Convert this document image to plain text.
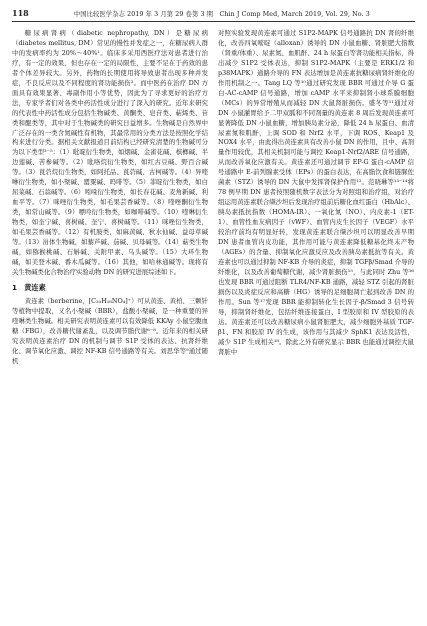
118	中国比较医学杂志 2019 年 3 月第 29 卷第 3 期　Chin J Comp Med, March 2019, Vol. 29, No. 3

糖尿病肾病（diabetic nephropathy, DN）是糖尿病（diabetes mellitus, DM）常见的慢性并发症之一，在糖尿病人群中的发病率约为 20%～40%¹。临床多采用西医疗法对患者进行治疗，有一定的效果，但也存在一定的局限性，主要不足在于药效的患者个体差异较大。另外，药物的长期使用将导致患者出现多种并发症，不良反应以及不同程度的肾功能损伤²。而中医药在治疗 DN 方面具有效果显著、毒副作用小等优势，因此为了寻求更好的治疗方法，专家学者们对各类中药活性成分进行了深入的研究。近年来研究的代表性中药活性成分包括生物碱类、黄酮类、皂苷类、萜烯类、苷类和醌类等，其中对于生物碱类的研究日益增多。生物碱是自然界中广泛存在的一类含氮碱性有机物，其最常用的分类方法是按照化学结构来进行分类。据相关文献报道目前结构已经研究清楚的生物碱可分为以下类型³⁻⁵：（1）吡啶衍生物类，如烟碱、金雀花碱、槟榔碱、半边莲碱、苦参碱等。（2）吡咯烷衍生物类，如红古豆碱、野百合碱等。（3）莨菪烷衍生物类，如阿托品、莨菪碱、古柯碱等。（4）异喹啉衍生物类，如小檗碱、罂粟碱、吗啡等。（5）菲啶衍生物类，如白屈菜碱、石蒜碱等。（6）吲哚衍生物类，如长春花碱、麦角新碱、利血平等。（7）咪唑衍生物类，如毛果芸香碱等。（8）喹唑酮衍生物类，如常山碱等。（9）嘌呤衍生物类，如咖啡碱等。（10）喹啉衍生物类，如奎宁碱、喜树碱、奎宁、喜树碱等。（11）咪唑衍生物类，如毛果芸香碱等。（12）有机胺类，如麻黄碱、秋水仙碱、益母草碱等。（13）甾体生物碱，如藜芦碱、茄碱、贝母碱等。（14）萜类生物碱，如猕猴桃碱、石斛碱、关附甲素、乌头碱等。（15）大环生物碱，如美登木碱、番木瓜碱等。（16）其他，如哈林通碱等。现将有关生物碱类化合物治疗实验动物 DN 的研究进展综述如下。

1　黄连素

黄连素（berberine，[C₂₀H₁₈NO₄]⁺）可从黄连、黄柏、三颗针等植物中提取，又名小檗碱（BBR），盐酸小檗碱，是一种重要的异喹啉类生物碱。相关研究表明黄连素可以有效降低 KKAy 小鼠空腹血糖（FBG），改善糖代谢紊乱，以及调节脂代谢⁶⁻⁸。近年来的相关研究表明黄连素治疗 DN 的机制与调节 S1P 受体的表达、抗肾纤维化、调节氧化应激、调控 NF-KB 信号通路等有关。刘思华等⁹通过随机

对照实验发现黄连素可通过 S1P2-MAPK 信号通路抗 DN 肾的纤维化，改善四氧嘧啶（alloxan）诱导的 DN 小鼠血糖、肾脏肥大指数（肾重/体重）、尿素氮、血肌酐、24 h 尿蛋白等肾功能相关指标，得出减少 S1P2 受体表达，抑制 S1P2-MAPK（主要是 ERK1/2 和 p38MAPK）通路介导的 FN 表达增加是黄连素抗糖尿病肾纤维化的作用机制之一。Tang LQ 等¹⁰通过研究发现 BBR 可通过介导 G 蛋白-AC-cAMP 信号通路，增加 cAMP 水平来抑制肾小球系膜细胞（MCs）的异常增殖从而减轻 DN 大鼠肾脏损伤。盛冬等¹¹通过对 DN 小鼠灌胃给予二甲双胍和不同剂量的黄连素 8 周后发现黄连素可显著降低 DN 小鼠血糖，增加胰岛素分泌，降低 24 h 尿蛋白、血清尿素氮和肌酐，上调 SOD 和 Nrf2 水平，下调 ROS、Keap1 及 NOX4 水平，由此得出黄连素具有改善小鼠 DN 的作用，且中、高剂量作用较优，其相关机制可能与调控 Keap1-Nrf2/ARE 信号通路，从而改善氧化应激有关。黄连素还可通过调节 EP-G 蛋白-cAMP 信号通路中 E-前列腺素受体（EPs）的蛋白表达，在高脂饮食和链脲佐菌素（STZ）诱导的 DN 大鼠中发挥肾保护作用¹²。范晓琳等¹³⁻¹⁴将 78 例早期 DN 患者按照随机数字表法分为对照组和治疗组，对治疗组运用黄连素联合缬沙坦后发现治疗组前后糖化血红蛋白（HbAlc）、胰岛素抵抗指数（HOMA-IR）、一氧化氮（NO）、内皮素-1（ET-1）、血管性血友病因子（vWF）、血管内皮生长因子（VEGF）水平较治疗前均有明显好转，发现黄连素联合缬沙坦可以明显改善早期 DN 患者血管内皮功能，其作用可能与黄连素降低糖基化终末产物（AGEs）的含量、抑制氧化应激反应及改善胰岛素抵抗等有关。黄连素也可以通过抑制 NF-KB 介导的炎症，抑制 TGFβ/Smad 介导的纤维化，以及改善葡萄糖代谢，减少肾脏损伤¹⁵，与此同时 Zhu 等¹⁶也发现 BBR 可通过阻断 TLR4/NF-KB 通路，减轻 STZ 引起的肾脏损伤以及炎症反应和高糖（HG）诱导的足细胞凋亡起到改善 DN 的作用。Sun 等¹⁷发现 BBR 能抑制转化生长因子-β/Smad 3 信号转导，抑制肾纤维化，包括纤维连接蛋白、I 型胶原和 IV 型胶原的表达。黄连素还可以改善糖尿病小鼠肾脏肥大，减少细胞外基质 TGF-β1、FN 和胶原 IV 的生成，该作用与其减少 SphK1 表达及活性，减少 S1P 生成相关¹⁸。除此之外有研究显示 BBR 也能通过调控大鼠肾脏中
